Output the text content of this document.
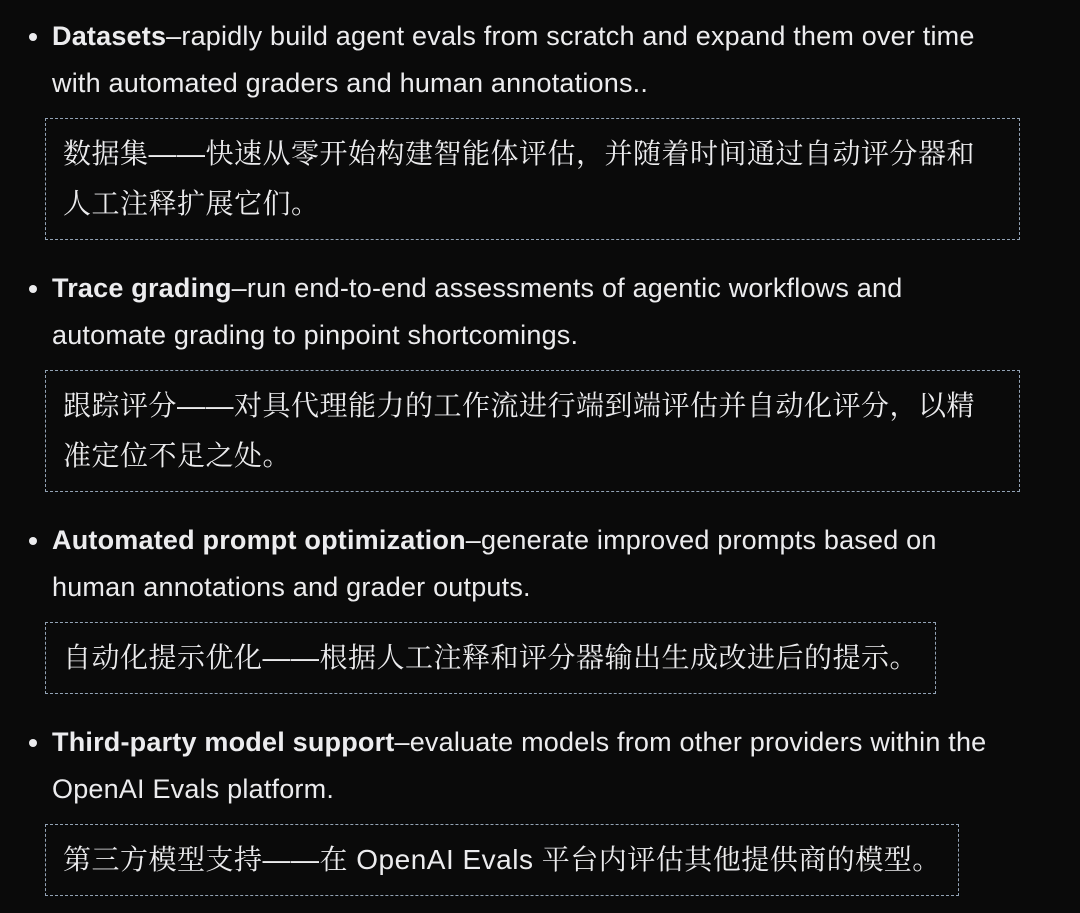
Datasets–rapidly build agent evals from scratch and expand them over time with automated graders and human annotations..
数据集——快速从零开始构建智能体评估，并随着时间通过自动评分器和人工注释扩展它们。
Trace grading–run end-to-end assessments of agentic workflows and automate grading to pinpoint shortcomings.
跟踪评分——对具代理能力的工作流进行端到端评估并自动化评分，以精准定位不足之处。
Automated prompt optimization–generate improved prompts based on human annotations and grader outputs.
自动化提示优化——根据人工注释和评分器输出生成改进后的提示。
Third-party model support–evaluate models from other providers within the OpenAI Evals platform.
第三方模型支持——在 OpenAI Evals 平台内评估其他提供商的模型。
